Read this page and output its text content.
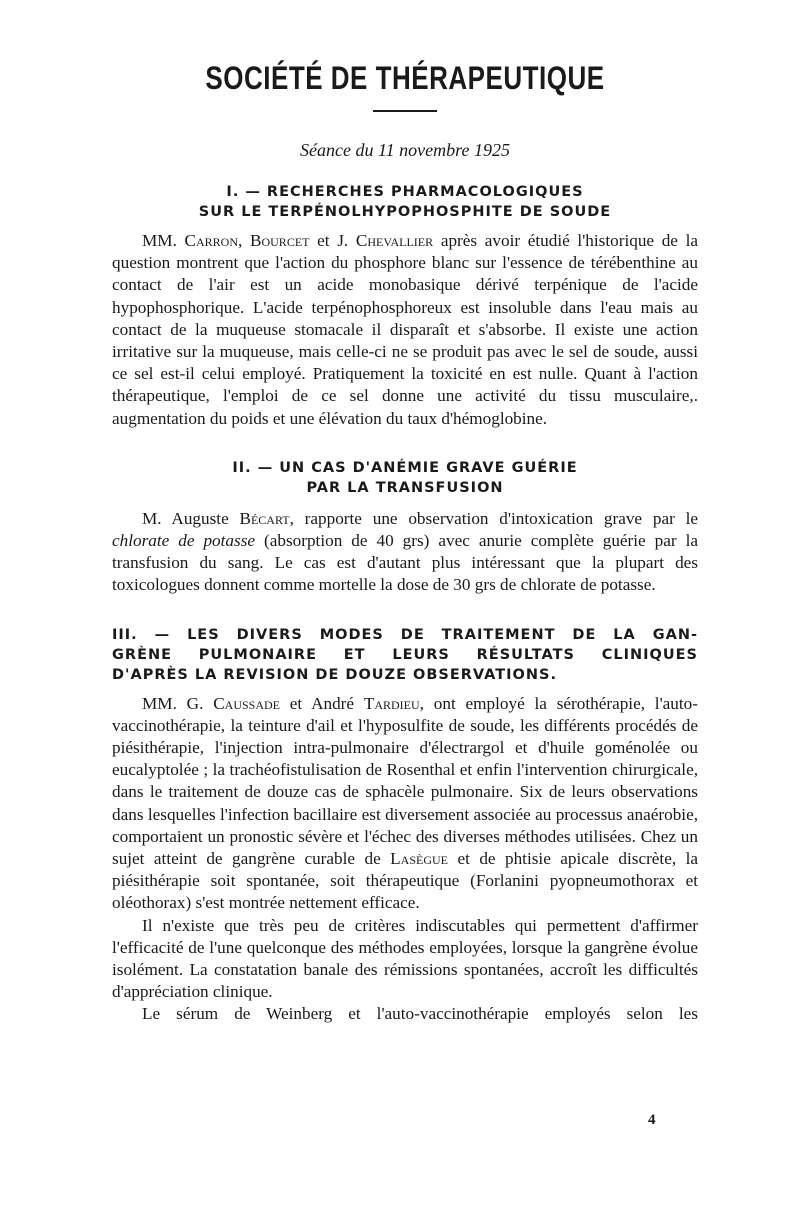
SOCIÉTÉ DE THÉRAPEUTIQUE
Séance du 11 novembre 1925
I. — RECHERCHES PHARMACOLOGIQUES
SUR LE TERPÉNOLHYPOPHOSPHITE DE SOUDE

MM. Carron, Bourcet et J. Chevallier après avoir étudié l'historique de la question montrent que l'action du phosphore blanc sur l'essence de térébenthine au contact de l'air est un acide monobasique dérivé terpénique de l'acide hypophosphorique. L'acide terpénophosphoreux est insoluble dans l'eau mais au contact de la muqueuse stomacale il disparaît et s'absorbe. Il existe une action irritative sur la muqueuse, mais celle-ci ne se produit pas avec le sel de soude, aussi ce sel est-il celui employé. Pratiquement la toxicité en est nulle. Quant à l'action thérapeutique, l'emploi de ce sel donne une activité du tissu musculaire,. augmentation du poids et une élévation du taux d'hémoglobine.

II. — UN CAS D'ANÉMIE GRAVE GUÉRIE
PAR LA TRANSFUSION

M. Auguste Bécart, rapporte une observation d'intoxication grave par le chlorate de potasse (absorption de 40 grs) avec anurie complète guérie par la transfusion du sang. Le cas est d'autant plus intéressant que la plupart des toxicologues donnent comme mortelle la dose de 30 grs de chlorate de potasse.

III. — LES DIVERS MODES DE TRAITEMENT DE LA GAN-
GRÈNE PULMONAIRE ET LEURS RÉSULTATS CLINIQUES
D'APRÈS LA REVISION DE DOUZE OBSERVATIONS.

MM. G. Caussade et André Tardieu, ont employé la sérothérapie, l'auto-vaccinothérapie, la teinture d'ail et l'hyposulfite de soude, les différents procédés de piésithérapie, l'injection intra-pulmonaire d'électrargol et d'huile goménolée ou eucalyptolée ; la trachéofistulisation de Rosenthal et enfin l'intervention chirurgicale, dans le traitement de douze cas de sphacèle pulmonaire. Six de leurs observations dans lesquelles l'infection bacillaire est diversement associée au processus anaérobie, comportaient un pronostic sévère et l'échec des diverses méthodes utilisées. Chez un sujet atteint de gangrène curable de Lasègue et de phtisie apicale discrète, la piésithérapie soit spontanée, soit thérapeutique (Forlanini pyopneumothorax et oléothorax) s'est montrée nettement efficace.

Il n'existe que très peu de critères indiscutables qui permettent d'affirmer l'efficacité de l'une quelconque des méthodes employées, lorsque la gangrène évolue isolément. La constatation banale des rémissions spontanées, accroît les difficultés d'appréciation clinique.

Le sérum de Weinberg et l'auto-vaccinothérapie employés selon les

4
